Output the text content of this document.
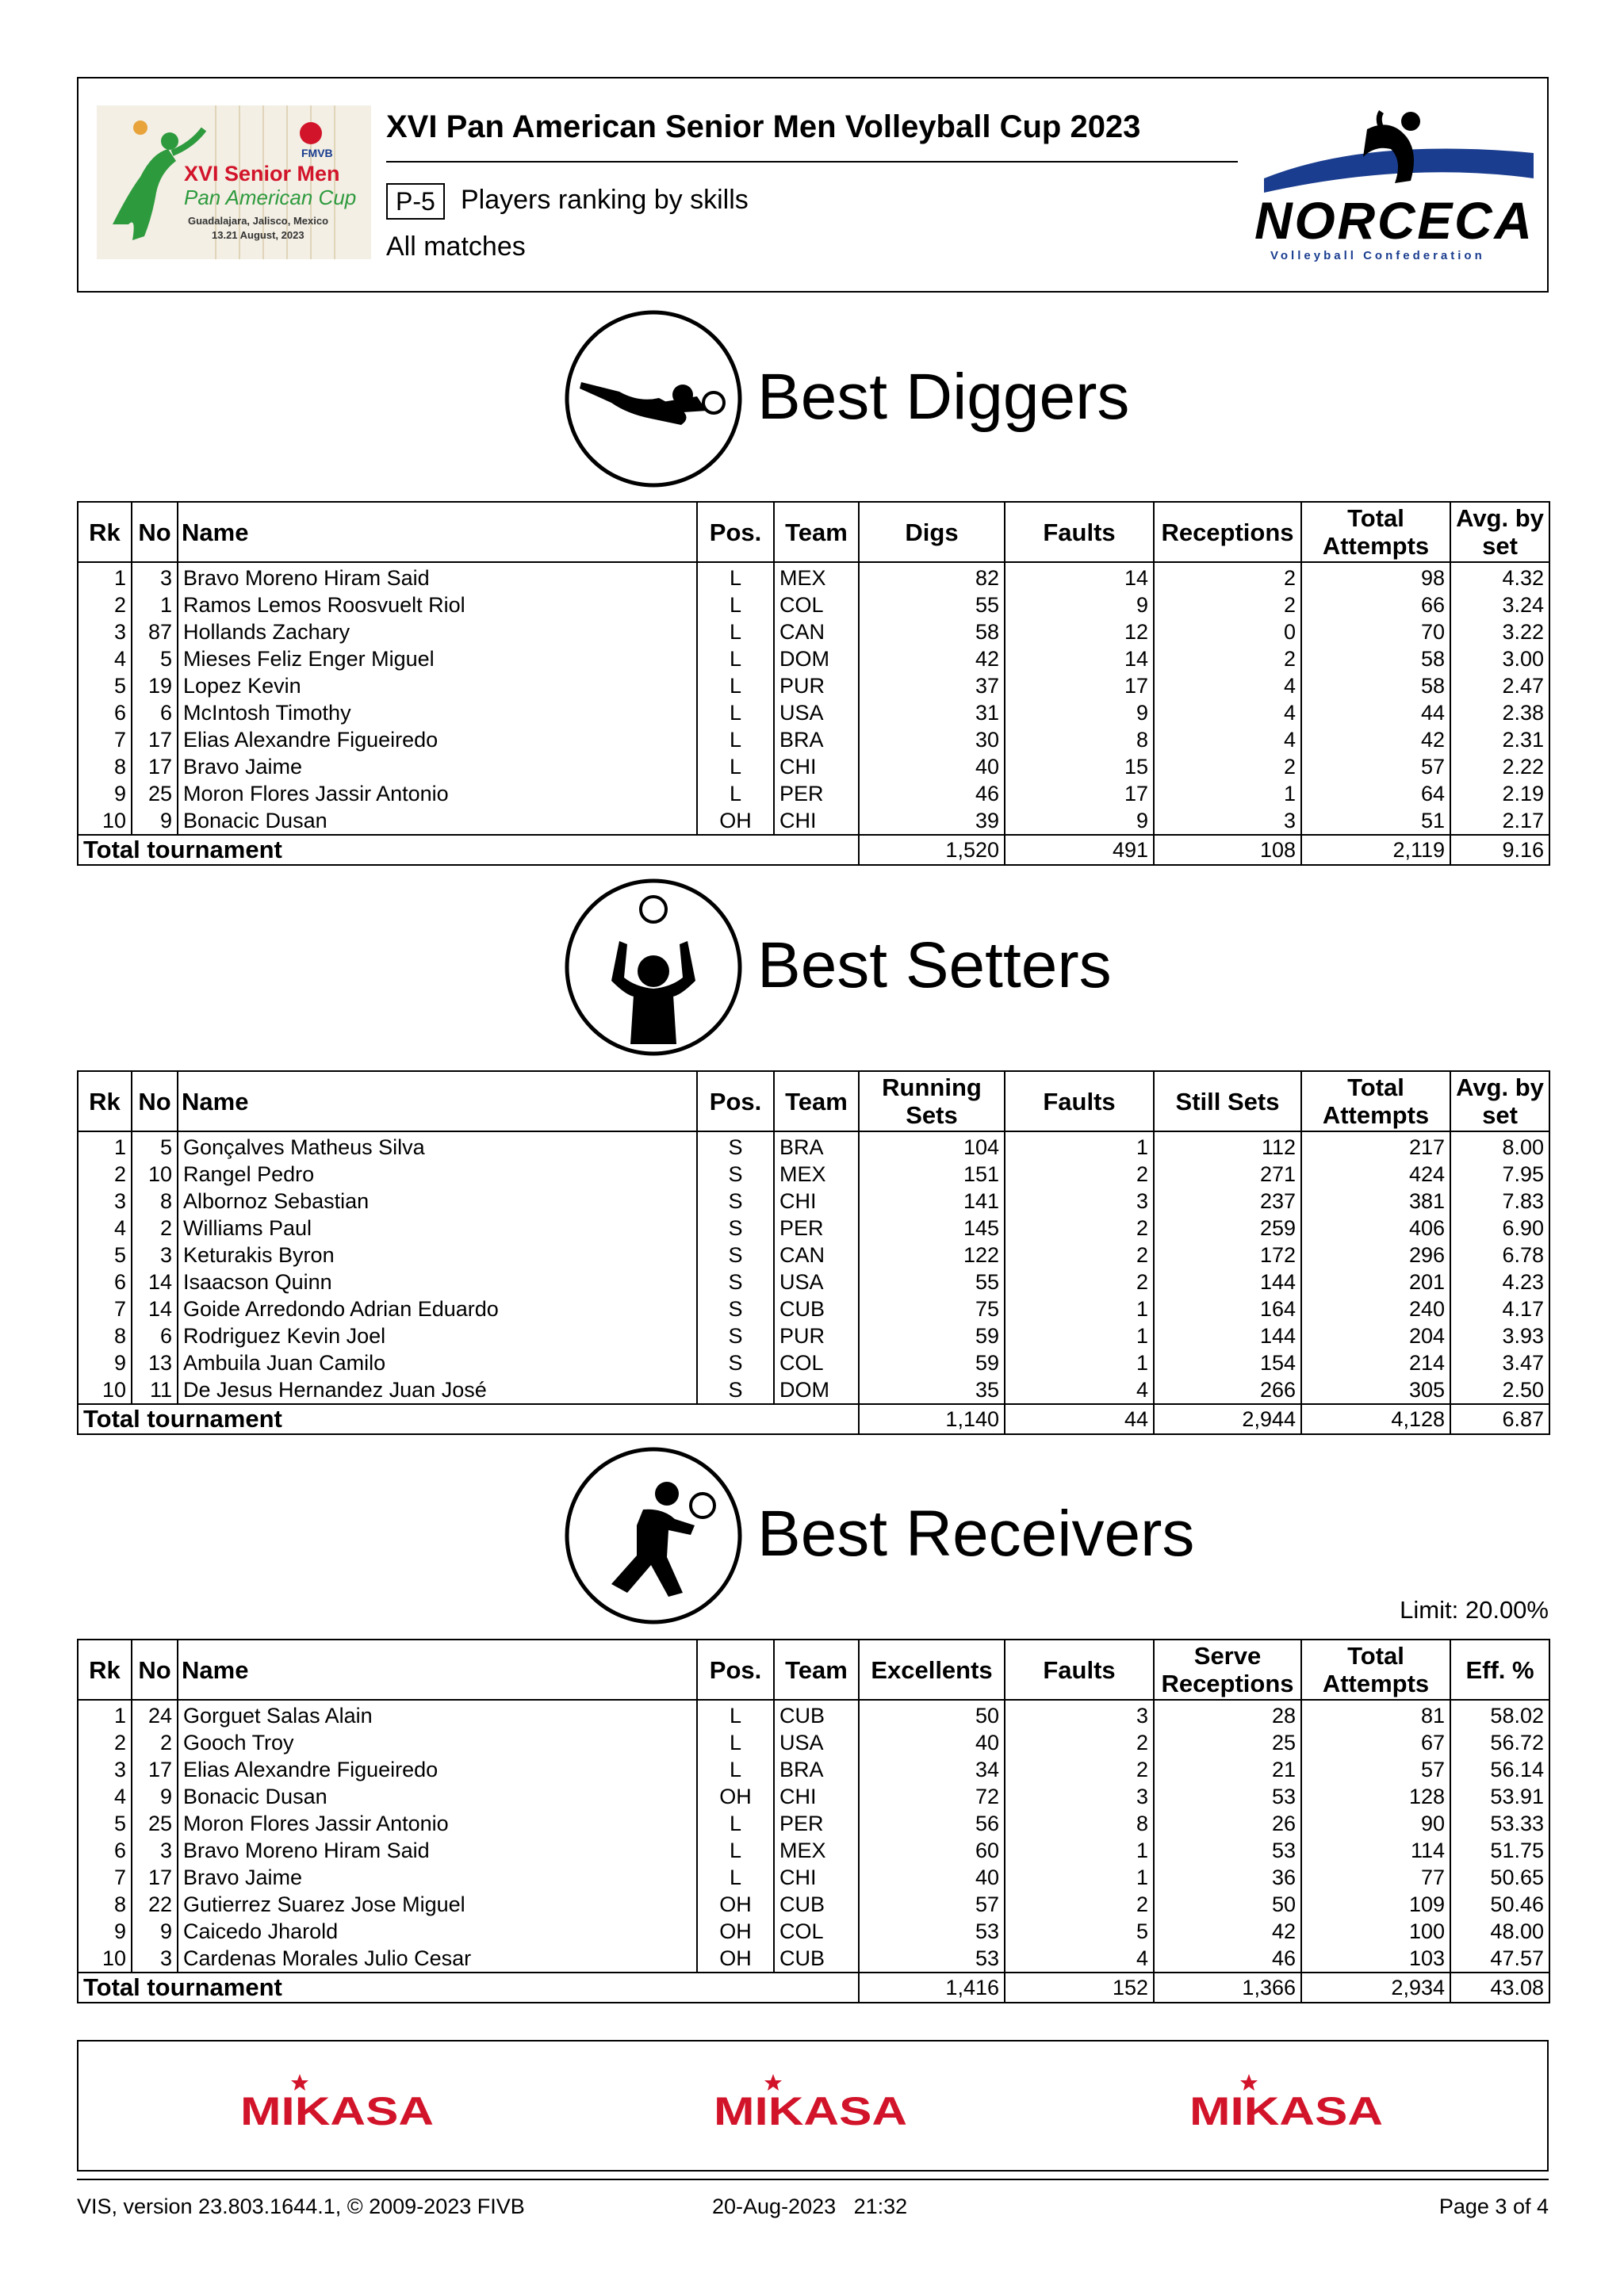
FMVB
XVI Senior Men
Pan American Cup
Guadalajara, Jalisco, Mexico
13.21 August, 2023
XVI Pan American Senior Men Volleyball Cup 2023
P-5 Players ranking by skills
All matches	NORCECA
Volleyball Confederation
Best Diggers
Rk	No	Name	Pos.	Team	Digs	Faults	Receptions	Total Attempts	Avg. by set
1	3	Bravo Moreno Hiram Said	L	MEX	82	14	2	98	4.32
2	1	Ramos Lemos Roosvuelt Riol	L	COL	55	9	2	66	3.24
3	87	Hollands Zachary	L	CAN	58	12	0	70	3.22
4	5	Mieses Feliz Enger Miguel	L	DOM	42	14	2	58	3.00
5	19	Lopez Kevin	L	PUR	37	17	4	58	2.47
6	6	McIntosh Timothy	L	USA	31	9	4	44	2.38
7	17	Elias Alexandre Figueiredo	L	BRA	30	8	4	42	2.31
8	17	Bravo Jaime	L	CHI	40	15	2	57	2.22
9	25	Moron Flores Jassir Antonio	L	PER	46	17	1	64	2.19
10	9	Bonacic Dusan	OH	CHI	39	9	3	51	2.17
Total tournament					1,520	491	108	2,119	9.16
Best Setters
Rk	No	Name	Pos.	Team	Running Sets	Faults	Still Sets	Total Attempts	Avg. by set
1	5	Gonçalves Matheus Silva	S	BRA	104	1	112	217	8.00
2	10	Rangel Pedro	S	MEX	151	2	271	424	7.95
3	8	Albornoz Sebastian	S	CHI	141	3	237	381	7.83
4	2	Williams Paul	S	PER	145	2	259	406	6.90
5	3	Keturakis Byron	S	CAN	122	2	172	296	6.78
6	14	Isaacson Quinn	S	USA	55	2	144	201	4.23
7	14	Goide Arredondo Adrian Eduardo	S	CUB	75	1	164	240	4.17
8	6	Rodriguez Kevin Joel	S	PUR	59	1	144	204	3.93
9	13	Ambuila Juan Camilo	S	COL	59	1	154	214	3.47
10	11	De Jesus Hernandez Juan José	S	DOM	35	4	266	305	2.50
Total tournament					1,140	44	2,944	4,128	6.87
Best Receivers
Limit: 20.00%
Rk	No	Name	Pos.	Team	Excellents	Faults	Serve Receptions	Total Attempts	Eff. %
1	24	Gorguet Salas Alain	L	CUB	50	3	28	81	58.02
2	2	Gooch Troy	L	USA	40	2	25	67	56.72
3	17	Elias Alexandre Figueiredo	L	BRA	34	2	21	57	56.14
4	9	Bonacic Dusan	OH	CHI	72	3	53	128	53.91
5	25	Moron Flores Jassir Antonio	L	PER	56	8	26	90	53.33
6	3	Bravo Moreno Hiram Said	L	MEX	60	1	53	114	51.75
7	17	Bravo Jaime	L	CHI	40	1	36	77	50.65
8	22	Gutierrez Suarez Jose Miguel	OH	CUB	57	2	50	109	50.46
9	9	Caicedo Jharold	OH	COL	53	5	42	100	48.00
10	3	Cardenas Morales Julio Cesar	OH	CUB	53	4	46	103	47.57
Total tournament					1,416	152	1,366	2,934	43.08
MIKASA	MIKASA	MIKASA
VIS, version 23.803.1644.1, © 2009-2023 FIVB	20-Aug-2023   21:32	Page 3 of 4
